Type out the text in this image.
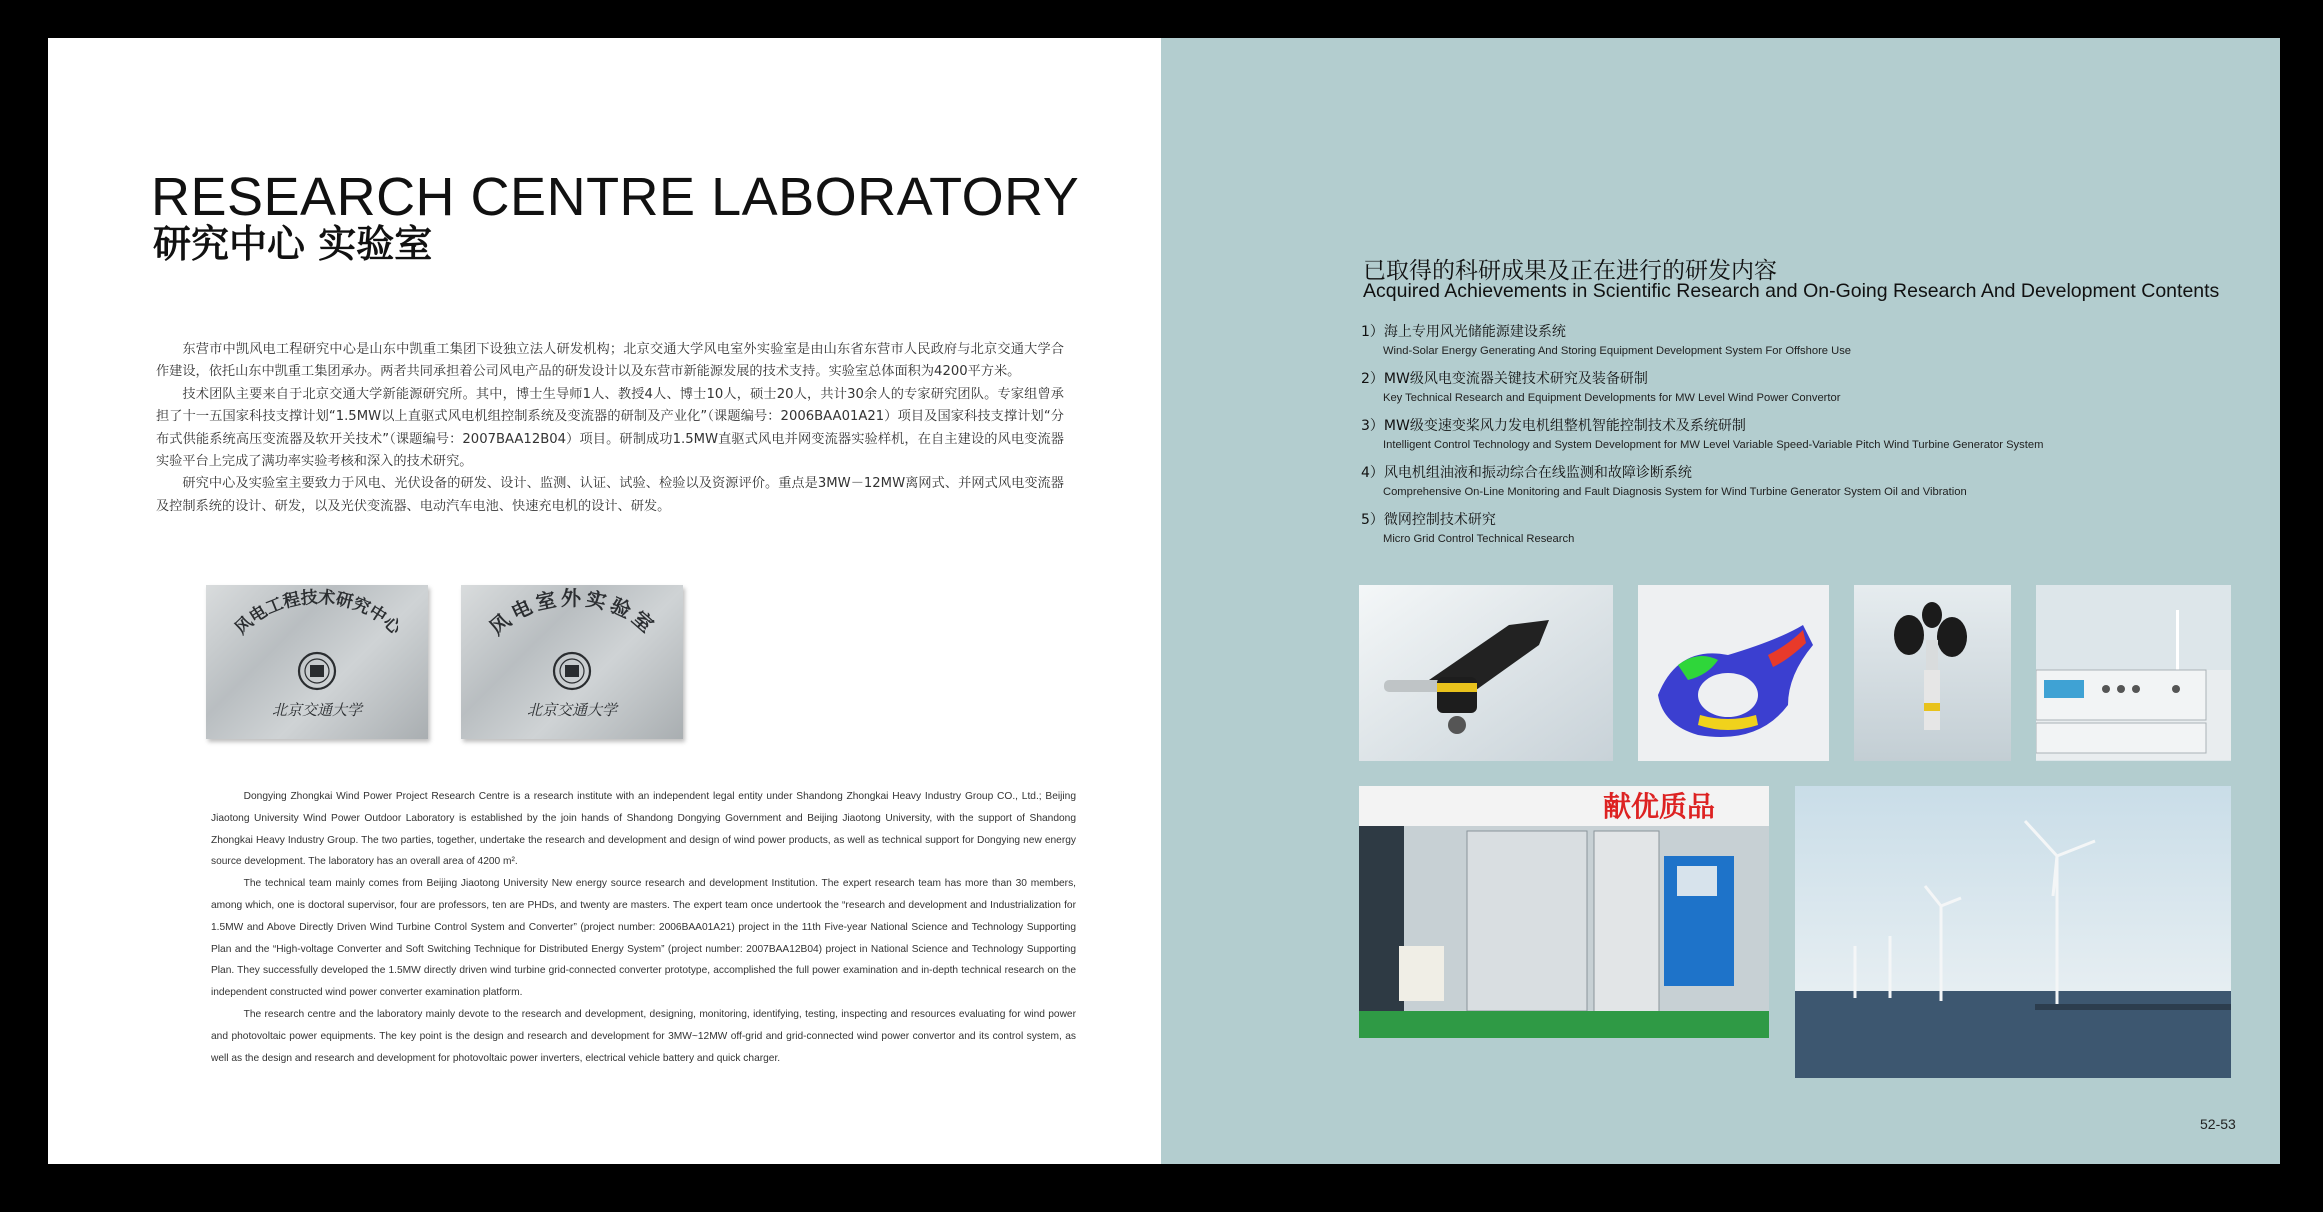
RESEARCH CENTRE LABORATORY
研究中心 实验室

东营市中凯风电工程研究中心是山东中凯重工集团下设独立法人研发机构；北京交通大学风电室外实验室是由山东省东营市人民政府与北京交通大学合作建设，依托山东中凯重工集团承办。两者共同承担着公司风电产品的研发设计以及东营市新能源发展的技术支持。实验室总体面积为4200平方米。

技术团队主要来自于北京交通大学新能源研究所。其中，博士生导师1人、教授4人、博士10人，硕士20人，共计30余人的专家研究团队。专家组曾承担了十一五国家科技支撑计划“1.5MW以上直驱式风电机组控制系统及变流器的研制及产业化”（课题编号：2006BAA01A21）项目及国家科技支撑计划“分布式供能系统高压变流器及软开关技术”（课题编号：2007BAA12B04）项目。研制成功1.5MW直驱式风电并网变流器实验样机，在自主建设的风电变流器实验平台上完成了满功率实验考核和深入的技术研究。

研究中心及实验室主要致力于风电、光伏设备的研发、设计、监测、认证、试验、检验以及资源评价。重点是3MW－12MW离网式、并网式风电变流器及控制系统的设计、研发，以及光伏变流器、电动汽车电池、快速充电机的设计、研发。

风电工程技术研究中心
北京交通大学
风电室外实验室
北京交通大学

Dongying Zhongkai Wind Power Project Research Centre is a research institute with an independent legal entity under Shandong Zhongkai Heavy Industry Group CO., Ltd.; Beijing Jiaotong University Wind Power Outdoor Laboratory is established by the join hands of Shandong Dongying Government and Beijing Jiaotong University, with the support of Shandong Zhongkai Heavy Industry Group. The two parties, together, undertake the research and development and design of wind power products, as well as technical support for Dongying new energy source development. The laboratory has an overall area of 4200 m².

The technical team mainly comes from Beijing Jiaotong University New energy source research and development Institution. The expert research team has more than 30 members, among which, one is doctoral supervisor, four are professors, ten are PHDs, and twenty are masters. The expert team once undertook the “research and development and Industrialization for 1.5MW and Above Directly Driven Wind Turbine Control System and Converter” (project number: 2006BAA01A21) project in the 11th Five-year National Science and Technology Supporting Plan and the “High-voltage Converter and Soft Switching Technique for Distributed Energy System” (project number: 2007BAA12B04) project in National Science and Technology Supporting Plan. They successfully developed the 1.5MW directly driven wind turbine grid-connected converter prototype, accomplished the full power examination and in-depth technical research on the independent constructed wind power converter examination platform.

The research centre and the laboratory mainly devote to the research and development, designing, monitoring, identifying, testing, inspecting and resources evaluating for wind power and photovoltaic power equipments. The key point is the design and research and development for 3MW~12MW off-grid and grid-connected wind power convertor and its control system, as well as the design and research and development for photovoltaic power inverters, electrical vehicle battery and quick charger.

已取得的科研成果及正在进行的研发内容
Acquired Achievements in Scientific Research and On-Going Research And Development Contents
1）海上专用风光储能源建设系统
Wind-Solar Energy Generating And Storing Equipment Development System For Offshore Use
2）MW级风电变流器关键技术研究及装备研制
Key Technical Research and Equipment Developments for MW Level Wind Power Convertor
3）MW级变速变桨风力发电机组整机智能控制技术及系统研制
Intelligent Control Technology and System Development for MW Level Variable Speed-Variable Pitch Wind Turbine Generator System
4）风电机组油液和振动综合在线监测和故障诊断系统
Comprehensive On-Line Monitoring and Fault Diagnosis System for Wind Turbine Generator System Oil and Vibration
5）微网控制技术研究
Micro Grid Control Technical Research
献优质品
52-53
